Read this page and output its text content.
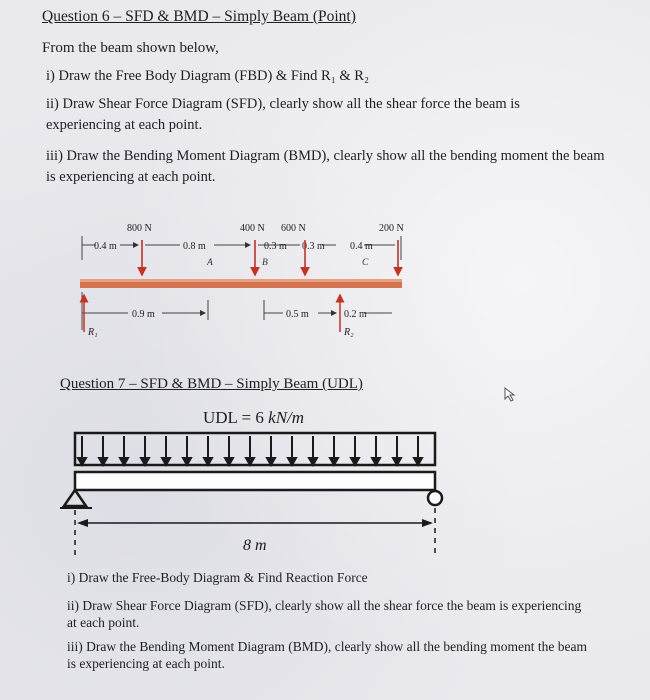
Question 6 – SFD & BMD – Simply Beam (Point)
From the beam shown below,
i) Draw the Free Body Diagram (FBD) & Find R₁ & R₂
ii) Draw Shear Force Diagram (SFD), clearly show all the shear force the beam is experiencing at each point.
iii) Draw the Bending Moment Diagram (BMD), clearly show all the bending moment the beam is experiencing at each point.
800 N	400 N 600 N	200 N
0.4 m	0.8 m	0.3 m 0.3 m	0.4 m
A	B	C
0.9 m	0.5 m	0.2 m
R₁	R₂
Question 7 – SFD & BMD – Simply Beam (UDL)
UDL = 6 kN/m
8 m
i) Draw the Free-Body Diagram & Find Reaction Force
ii) Draw Shear Force Diagram (SFD), clearly show all the shear force the beam is experiencing at each point.
iii) Draw the Bending Moment Diagram (BMD), clearly show all the bending moment the beam is experiencing at each point.
